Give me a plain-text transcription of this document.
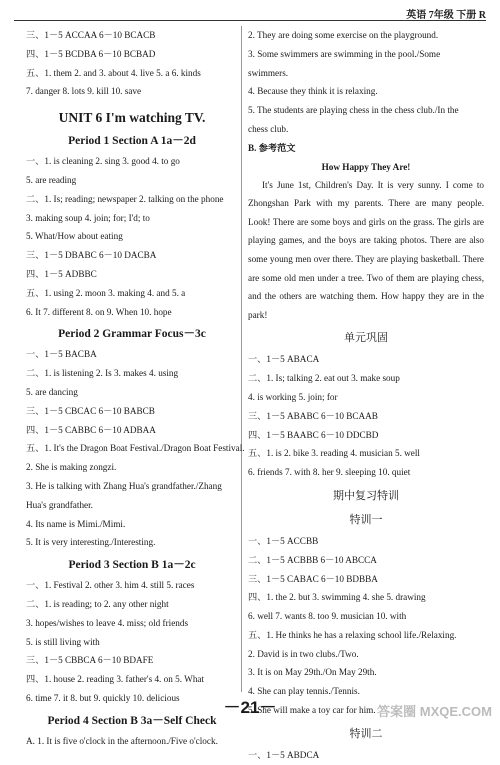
英语 7年级 下册 R
三、1－5 ACCAA 6－10 BCACB
四、1－5 BCDBA 6－10 BCBAD
五、1. them 2. and 3. about 4. live 5. a 6. kinds
7. danger 8. lots 9. kill 10. save
UNIT 6 I'm watching TV.
Period 1 Section A 1a－2d
一、1. is cleaning 2. sing 3. good 4. to go
5. are reading
二、1. Is; reading; newspaper 2. talking on the phone
3. making soup 4. join; for; I'd; to
5. What/How about eating
三、1－5 DBABC 6－10 DACBA
四、1－5 ADBBC
五、1. using 2. moon 3. making 4. and 5. a
6. It 7. different 8. on 9. When 10. hope
Period 2 Grammar Focus－3c
一、1－5 BACBA
二、1. is listening 2. Is 3. makes 4. using
5. are dancing
三、1－5 CBCAC 6－10 BABCB
四、1－5 CABBC 6－10 ADBAA
五、1. It's the Dragon Boat Festival./Dragon Boat Festival.
2. She is making zongzi.
3. He is talking with Zhang Hua's grandfather./Zhang
Hua's grandfather.
4. Its name is Mimi./Mimi.
5. It is very interesting./Interesting.
Period 3 Section B 1a－2c
一、1. Festival 2. other 3. him 4. still 5. races
二、1. is reading; to 2. any other night
3. hopes/wishes to leave 4. miss; old friends
5. is still living with
三、1－5 CBBCA 6－10 BDAFE
四、1. house 2. reading 3. father's 4. on 5. What
6. time 7. it 8. but 9. quickly 10. delicious
Period 4 Section B 3a－Self Check
A. 1. It is five o'clock in the afternoon./Five o'clock.
2. They are doing some exercise on the playground.
3. Some swimmers are swimming in the pool./Some
swimmers.
4. Because they think it is relaxing.
5. The students are playing chess in the chess club./In the
chess club.
B. 参考范文
How Happy They Are!
It's June 1st, Children's Day. It is very sunny. I come to Zhongshan Park with my parents. There are many people. Look! There are some boys and girls on the grass. The girls are playing games, and the boys are taking photos. There are also some young men over there. They are playing basketball. There are some old men under a tree. Two of them are playing chess, and the others are watching them. How happy they are in the park!
单元巩固
一、1－5 ABACA
二、1. Is; talking 2. eat out 3. make soup
4. is working 5. join; for
三、1－5 ABABC 6－10 BCAAB
四、1－5 BAABC 6－10 DDCBD
五、1. is 2. bike 3. reading 4. musician 5. well
6. friends 7. with 8. her 9. sleeping 10. quiet
期中复习特训
特训一
一、1－5 ACCBB
二、1－5 ACBBB 6－10 ABCCA
三、1－5 CABAC 6－10 BDBBA
四、1. the 2. but 3. swimming 4. she 5. drawing
6. well 7. wants 8. too 9. musician 10. with
五、1. He thinks he has a relaxing school life./Relaxing.
2. David is in two clubs./Two.
3. It is on May 29th./On May 29th.
4. She can play tennis./Tennis.
5. She will make a toy car for him.
特训二
一、1－5 ABDCA
－21－	答案圈 MXQE.COM
